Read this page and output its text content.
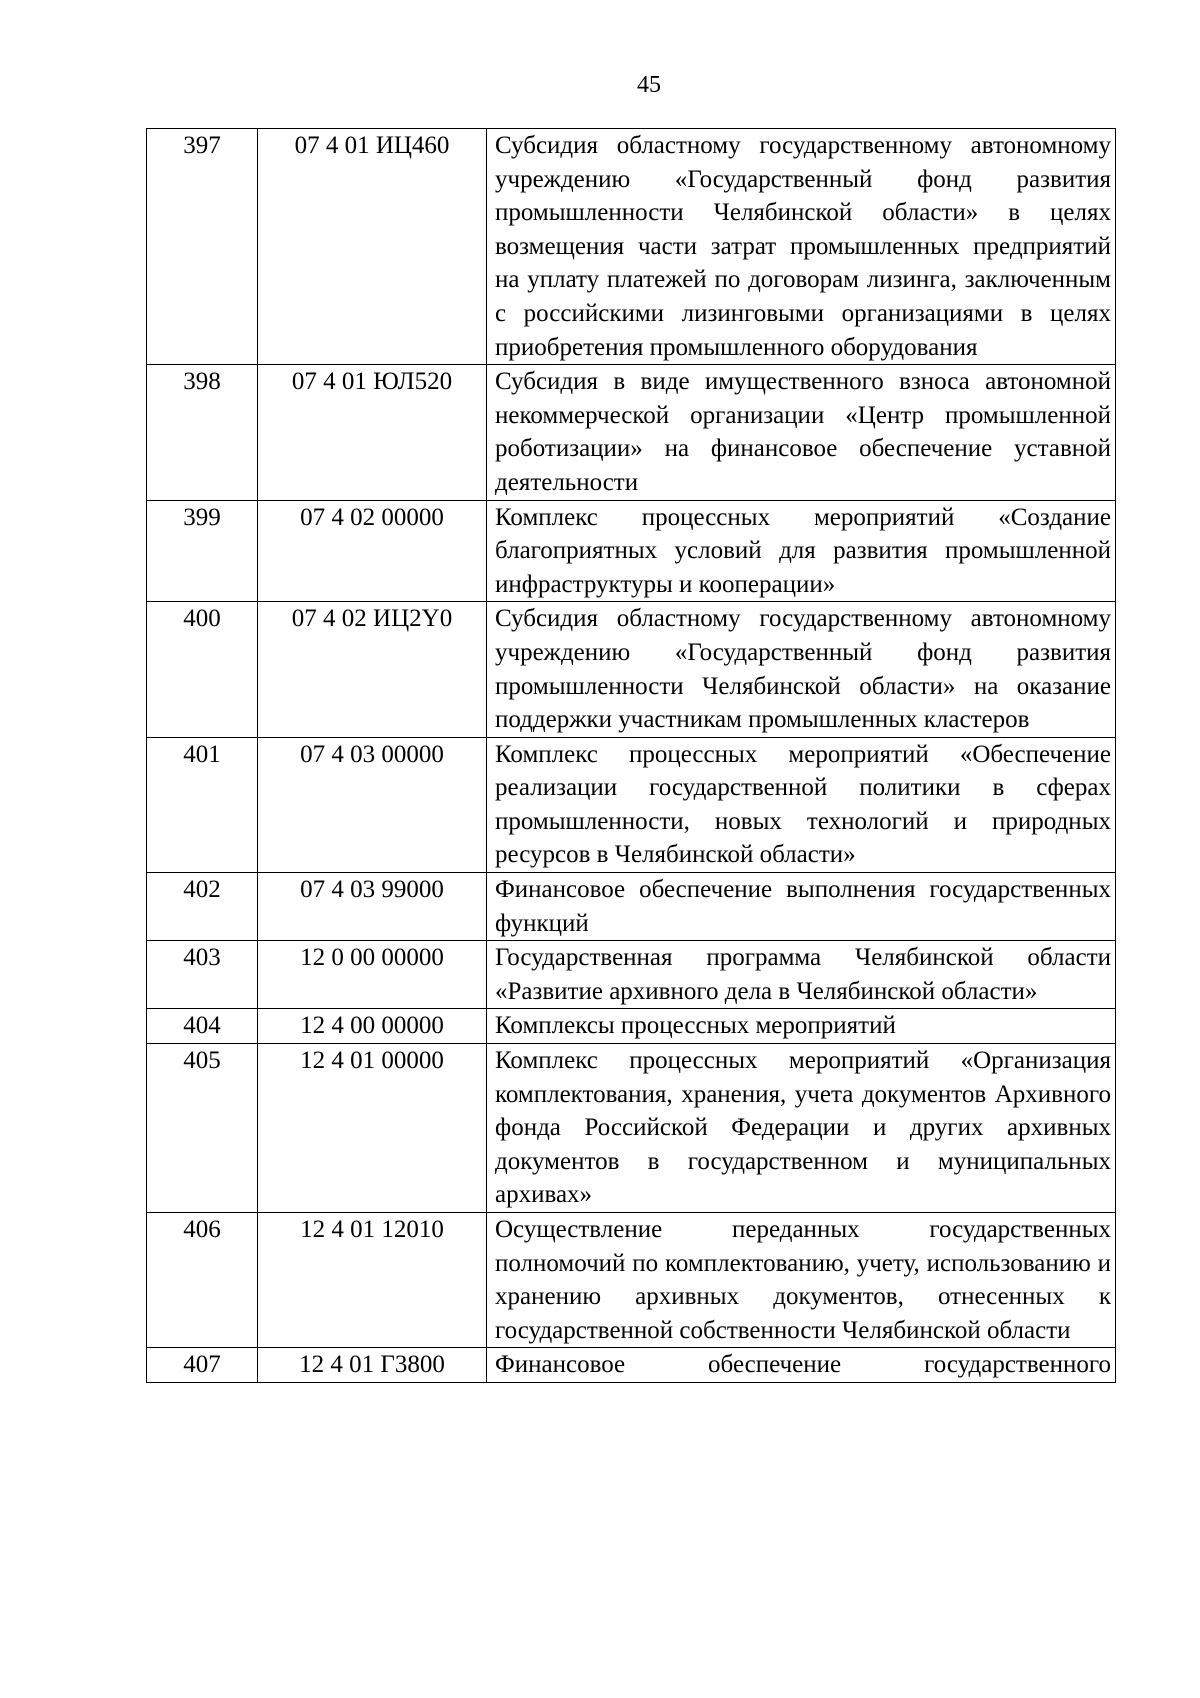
45
397	07 4 01 ИЦ460	Субсидия областному государственному автономному учреждению «Государственный фонд развития промышленности Челябинской области» в целях возмещения части затрат промышленных предприятий на уплату платежей по договорам лизинга, заключенным с российскими лизинговыми организациями в целях приобретения промышленного оборудования
398	07 4 01 ЮЛ520	Субсидия в виде имущественного взноса автономной некоммерческой организации «Центр промышленной роботизации» на финансовое обеспечение уставной деятельности
399	07 4 02 00000	Комплекс процессных мероприятий «Создание благоприятных условий для развития промышленной инфраструктуры и кооперации»
400	07 4 02 ИЦ2Y0	Субсидия областному государственному автономному учреждению «Государственный фонд развития промышленности Челябинской области» на оказание поддержки участникам промышленных кластеров
401	07 4 03 00000	Комплекс процессных мероприятий «Обеспечение реализации государственной политики в сферах промышленности, новых технологий и природных ресурсов в Челябинской области»
402	07 4 03 99000	Финансовое обеспечение выполнения государственных функций
403	12 0 00 00000	Государственная программа Челябинской области «Развитие архивного дела в Челябинской области»
404	12 4 00 00000	Комплексы процессных мероприятий
405	12 4 01 00000	Комплекс процессных мероприятий «Организация комплектования, хранения, учета документов Архивного фонда Российской Федерации и других архивных документов в государственном и муниципальных архивах»
406	12 4 01 12010	Осуществление переданных государственных полномочий по комплектованию, учету, использованию и хранению архивных документов, отнесенных к государственной собственности Челябинской области
407	12 4 01 Г3800	Финансовое обеспечение государственного
